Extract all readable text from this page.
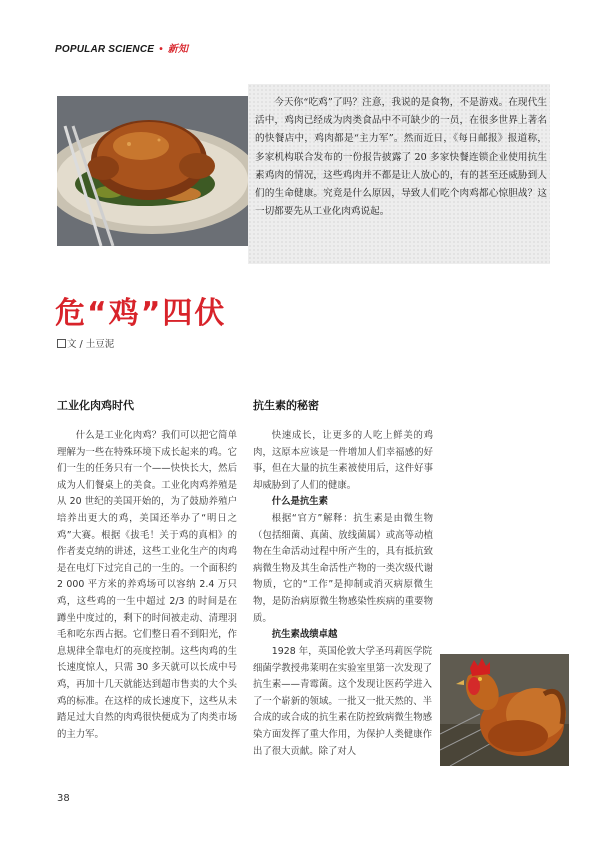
POPULAR SCIENCE • 新知

今天你“吃鸡”了吗？注意，我说的是食物，不是游戏。在现代生活中，鸡肉已经成为肉类食品中不可缺少的一员，在很多世界上著名的快餐店中，鸡肉都是“主力军”。然而近日，《每日邮报》报道称，多家机构联合发布的一份报告披露了 20 多家快餐连锁企业使用抗生素鸡肉的情况，这些鸡肉并不都是让人放心的，有的甚至还威胁到人们的生命健康。究竟是什么原因，导致人们吃个肉鸡都心惊胆战？这一切都要先从工业化肉鸡说起。

危“鸡”四伏
文 / 土豆泥
工业化肉鸡时代

什么是工业化肉鸡？我们可以把它简单理解为一些在特殊环境下成长起来的鸡。它们一生的任务只有一个——快快长大，然后成为人们餐桌上的美食。工业化肉鸡养殖是从 20 世纪的美国开始的，为了鼓励养殖户培养出更大的鸡，美国还举办了“明日之鸡”大赛。根据《拔毛！关于鸡的真相》的作者麦克纳的讲述，这些工业化生产的肉鸡是在电灯下过完自己的一生的。一个面积约 2 000 平方米的养鸡场可以容纳 2.4 万只鸡，这些鸡的一生中超过 2/3 的时间是在蹲坐中度过的，剩下的时间被走动、清理羽毛和吃东西占据。它们整日看不到阳光，作息规律全靠电灯的亮度控制。这些肉鸡的生长速度惊人，只需 30 多天就可以长成中号鸡，再加十几天就能达到超市售卖的大个头鸡的标准。在这样的成长速度下，这些从未踏足过大自然的肉鸡很快便成为了肉类市场的主力军。

抗生素的秘密

快速成长，让更多的人吃上鲜美的鸡肉，这原本应该是一件增加人们幸福感的好事，但在大量的抗生素被使用后，这件好事却威胁到了人们的健康。

什么是抗生素

根据“官方”解释：抗生素是由微生物（包括细菌、真菌、放线菌属）或高等动植物在生命活动过程中所产生的，具有抵抗致病微生物及其生命活性产物的一类次级代谢物质，它的“工作”是抑制或消灭病原微生物，是防治病原微生物感染性疾病的重要物质。

抗生素战绩卓越

1928 年，英国伦敦大学圣玛莉医学院细菌学教授弗莱明在实验室里第一次发现了抗生素——青霉菌。这个发现让医药学进入了一个崭新的领域。一批又一批天然的、半合成的或合成的抗生素在防控致病微生物感染方面发挥了重大作用，为保护人类健康作出了很大贡献。除了对人

38
